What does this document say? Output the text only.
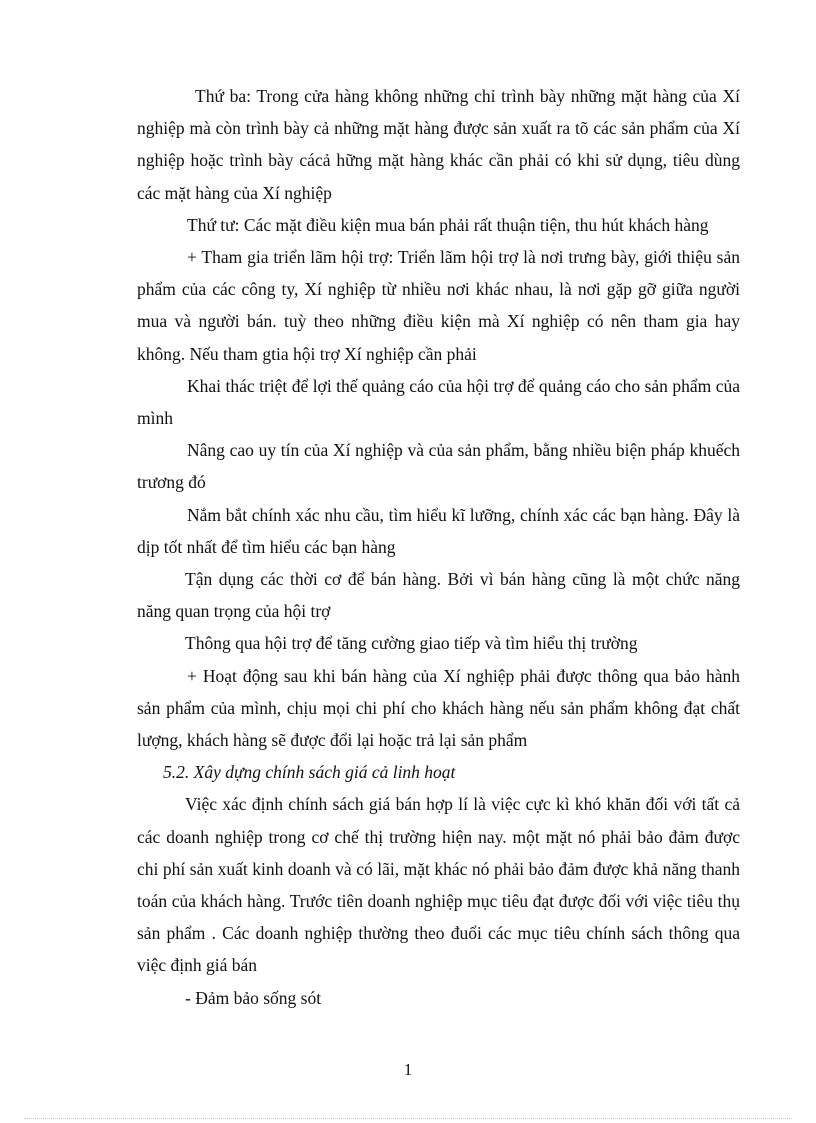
Thứ ba: Trong cửa hàng không những chỉ trình bày những mặt hàng của Xí nghiệp mà còn trình bày cả những mặt hàng được sản xuất ra tõ các sản phẩm của Xí nghiệp hoặc trình bày cácả hững mặt hàng khác cần phải có khi sử dụng, tiêu dùng các mặt hàng của Xí nghiệp

Thứ tư: Các mặt điều kiện mua bán phải rất thuận tiện, thu hút khách hàng

+ Tham gia triển lãm hội trợ: Triển lãm hội trợ là nơi trưng bày, giới thiệu sản phẩm của các công ty, Xí nghiệp từ nhiều nơi khác nhau, là nơi gặp gỡ giữa người mua và người bán. tuỳ theo những điều kiện mà Xí nghiệp có nên tham gia hay không. Nếu tham gtia hội trợ Xí nghiệp cần phải

Khai thác triệt để lợi thế quảng cáo của hội trợ để quảng cáo cho sản phẩm của mình

Nâng cao uy tín của Xí nghiệp và của sản phẩm, bằng nhiều biện pháp khuếch trương đó

Nắm bắt chính xác nhu cầu, tìm hiểu kĩ lưỡng, chính xác các bạn hàng. Đây là dịp tốt nhất để tìm hiểu các bạn hàng

Tận dụng các thời cơ để bán hàng. Bởi vì bán hàng cũng là một chức năng năng quan trọng của hội trợ

Thông qua hội trợ để tăng cường giao tiếp và tìm hiểu thị trường

+ Hoạt động sau khi bán hàng của Xí nghiệp phải được thông qua bảo hành sản phẩm của mình, chịu mọi chi phí cho khách hàng nếu sản phẩm không đạt chất lượng, khách hàng sẽ được đổi lại hoặc trả lại sản phẩm

5.2. Xây dựng chính sách giá cả linh hoạt

Việc xác định chính sách giá bán hợp lí là việc cực kì khó khăn đối với tất cả các doanh nghiệp trong cơ chế thị trường hiện nay. một mặt nó phải bảo đảm được chi phí sản xuất kinh doanh và có lãi, mặt khác nó phải bảo đảm được khả năng thanh toán của khách hàng. Trước tiên doanh nghiệp mục tiêu đạt được đối với việc tiêu thụ sản phẩm . Các doanh nghiệp thường theo đuổi các mục tiêu chính sách thông qua việc định giá bán

- Đảm bảo sống sót

1
